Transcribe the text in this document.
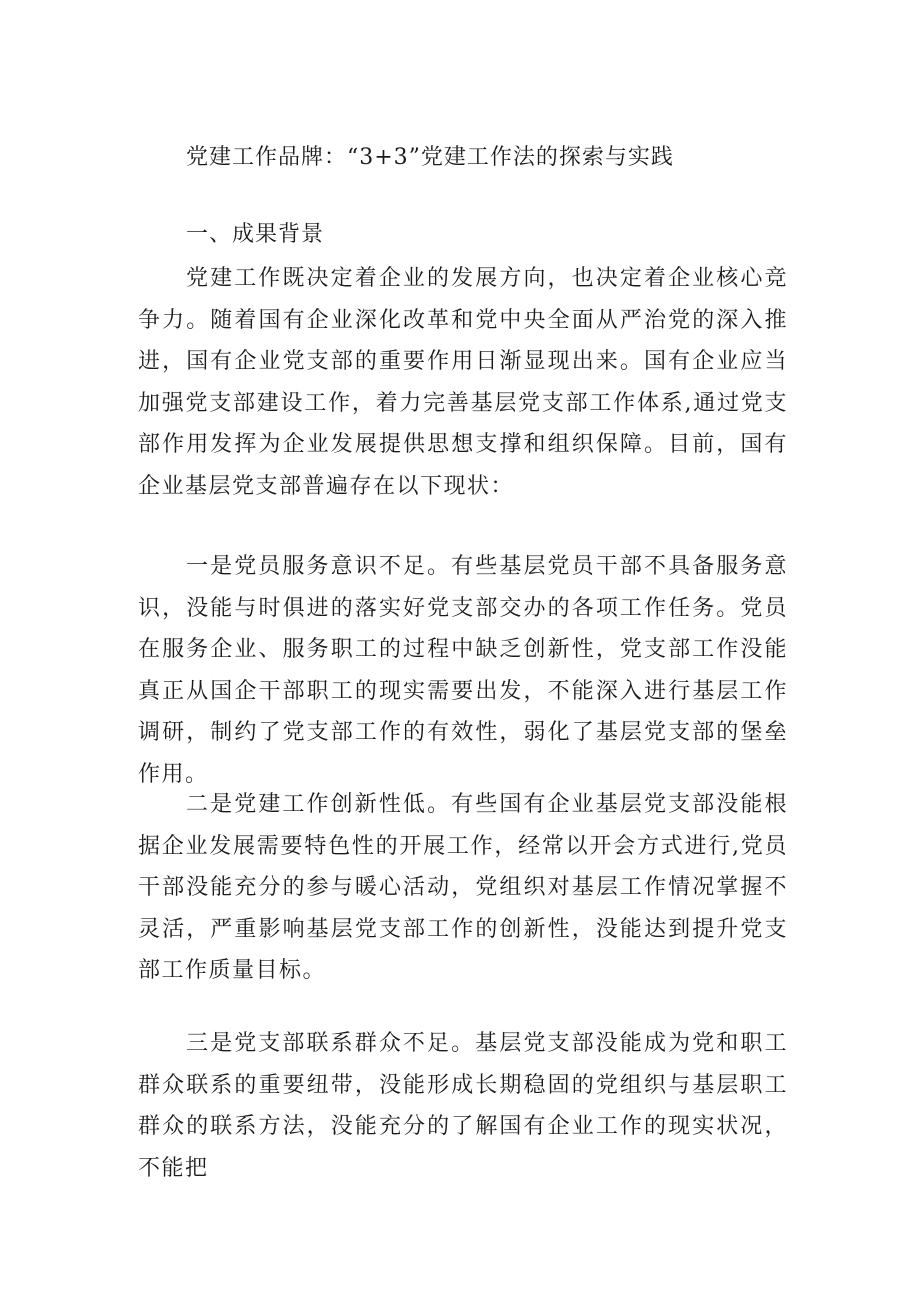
党建工作品牌：“3+3”党建工作法的探索与实践
一、成果背景

党建工作既决定着企业的发展方向，也决定着企业核心竞争力。随着国有企业深化改革和党中央全面从严治党的深入推进，国有企业党支部的重要作用日渐显现出来。国有企业应当加强党支部建设工作，着力完善基层党支部工作体系,通过党支部作用发挥为企业发展提供思想支撑和组织保障。目前，国有企业基层党支部普遍存在以下现状：

一是党员服务意识不足。有些基层党员干部不具备服务意识，没能与时俱进的落实好党支部交办的各项工作任务。党员在服务企业、服务职工的过程中缺乏创新性，党支部工作没能真正从国企干部职工的现实需要出发，不能深入进行基层工作调研，制约了党支部工作的有效性，弱化了基层党支部的堡垒作用。

二是党建工作创新性低。有些国有企业基层党支部没能根据企业发展需要特色性的开展工作，经常以开会方式进行,党员干部没能充分的参与暖心活动，党组织对基层工作情况掌握不灵活，严重影响基层党支部工作的创新性，没能达到提升党支部工作质量目标。

三是党支部联系群众不足。基层党支部没能成为党和职工群众联系的重要纽带，没能形成长期稳固的党组织与基层职工群众的联系方法，没能充分的了解国有企业工作的现实状况，不能把
